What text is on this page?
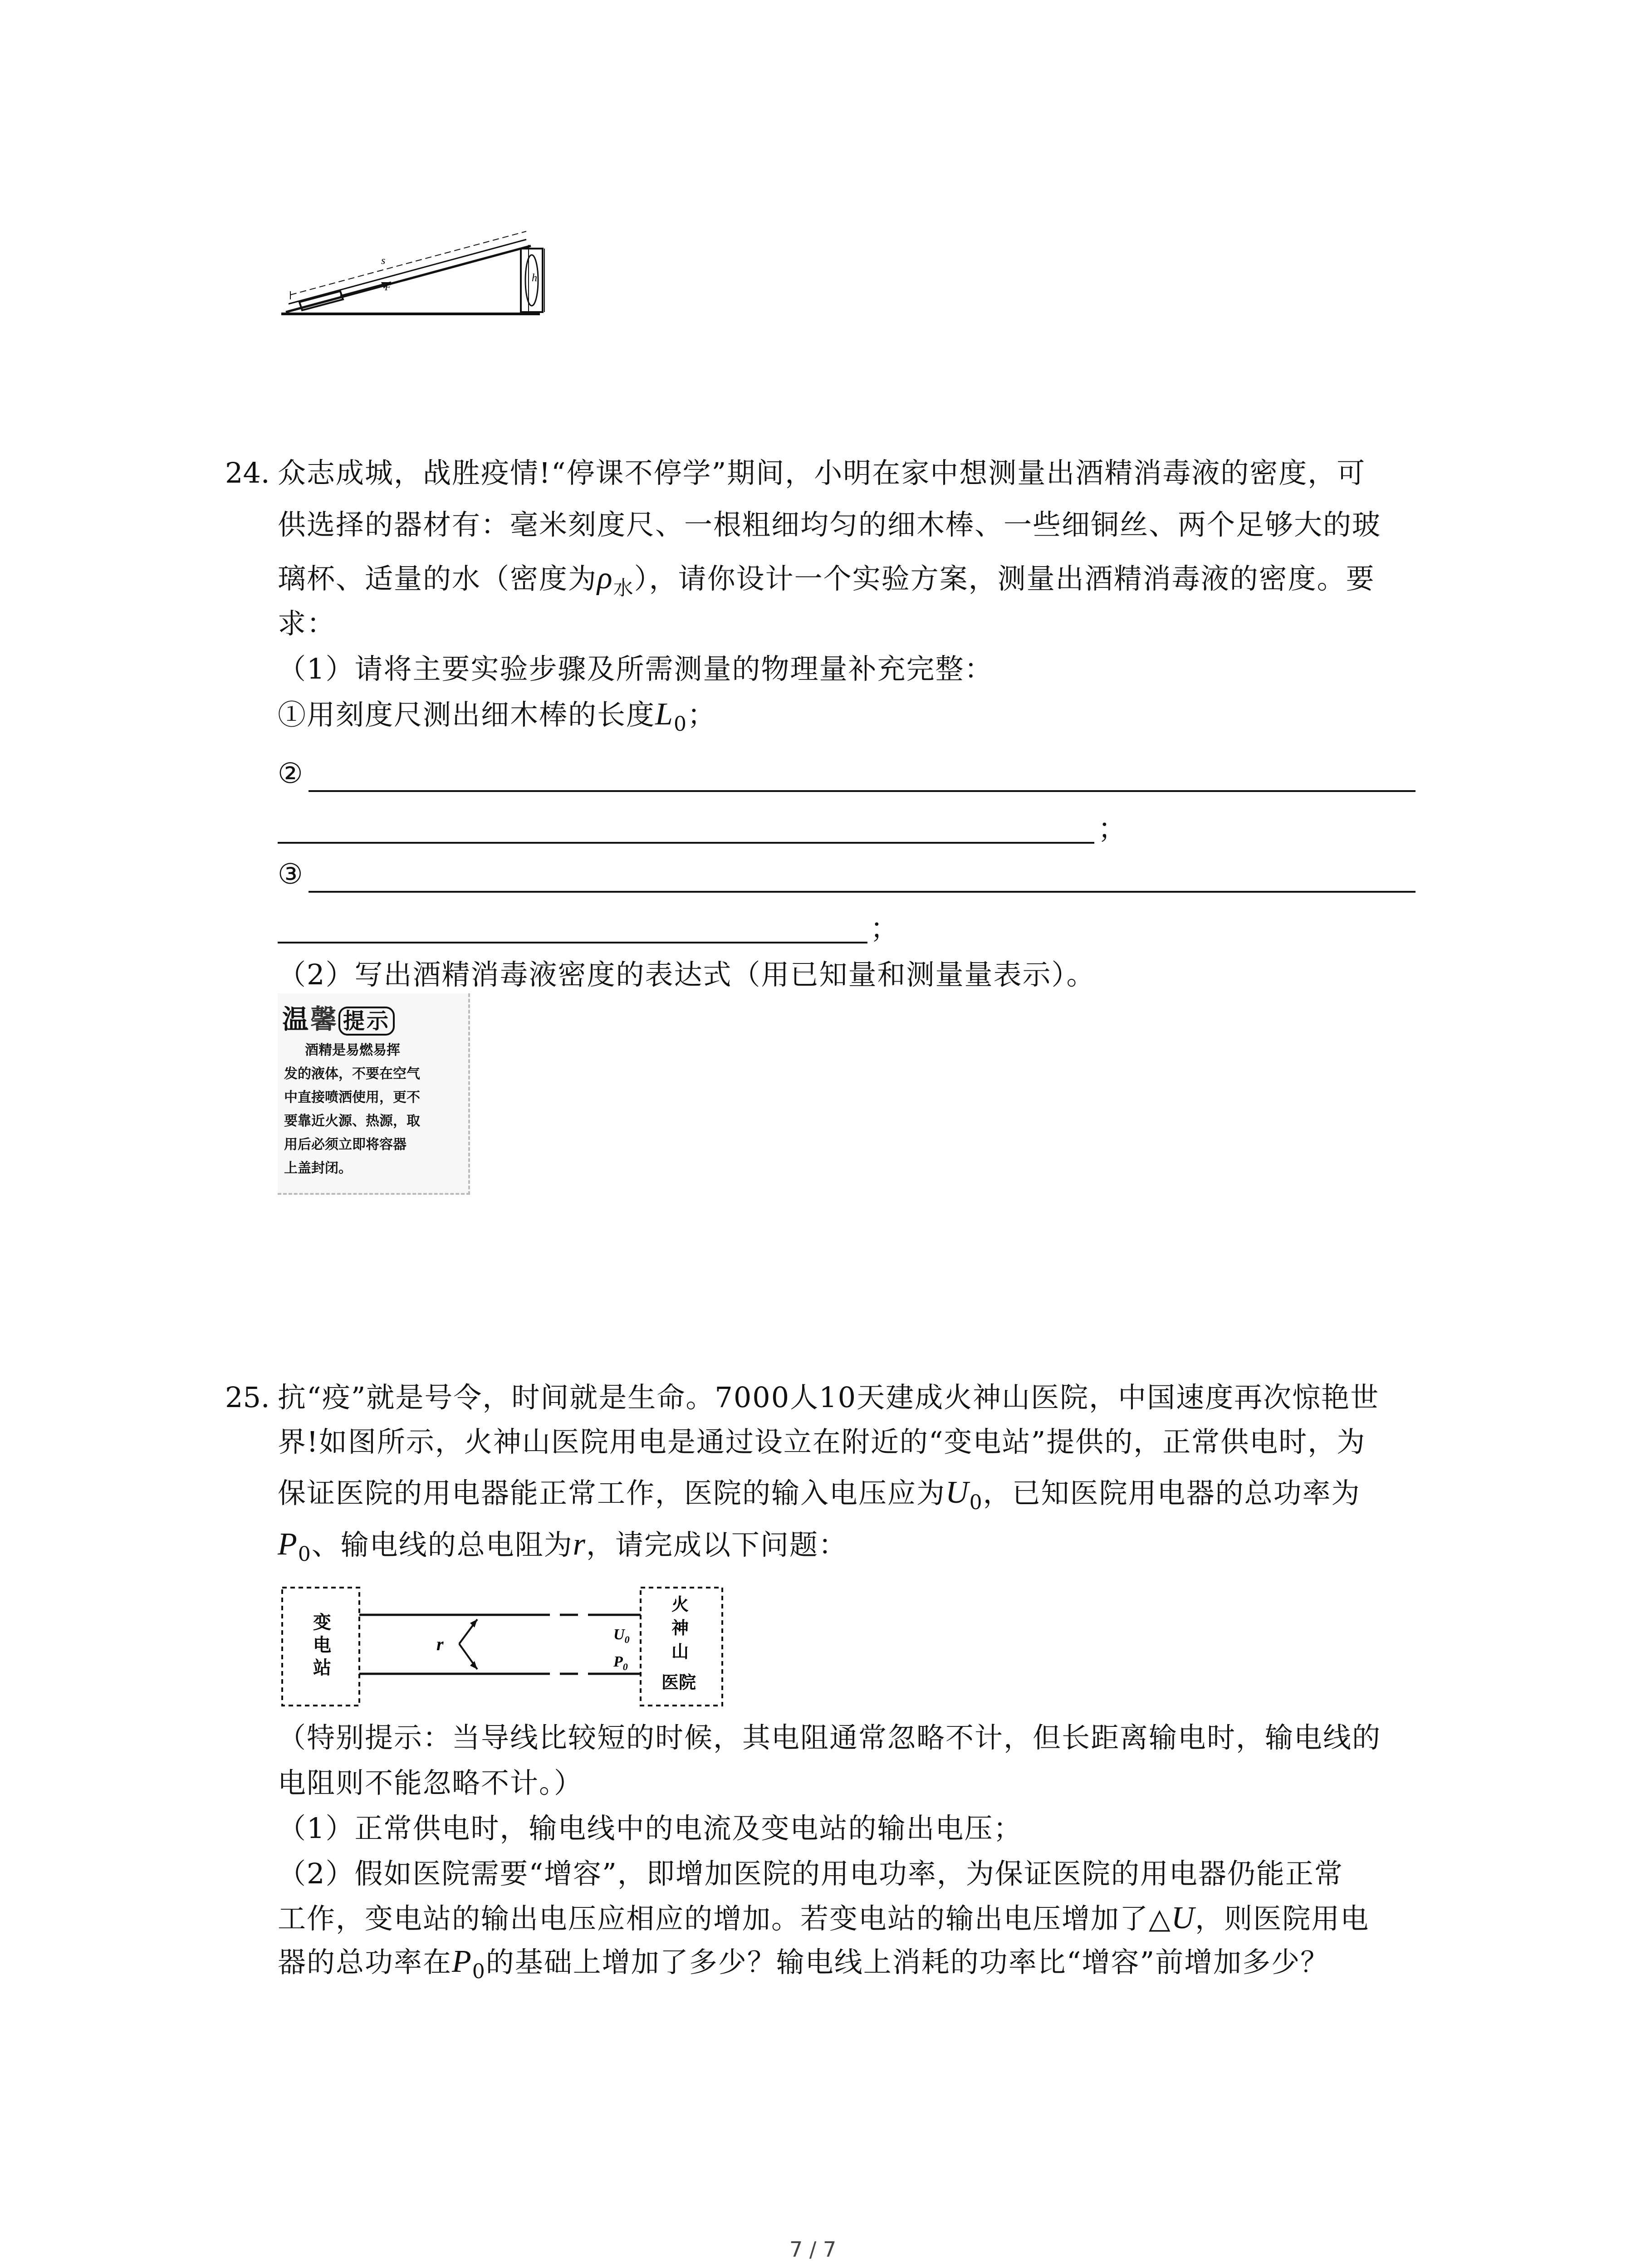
s
F
h
24. 众志成城，战胜疫情!“停课不停学”期间，小明在家中想测量出酒精消毒液的密度，可
供选择的器材有：毫米刻度尺、一根粗细均匀的细木棒、一些细铜丝、两个足够大的玻
璃杯、适量的水（密度为$\rho_水$），请你设计一个实验方案，测量出酒精消毒液的密度。要
求：
（1）请将主要实验步骤及所需测量的物理量补充完整：
①用刻度尺测出细木棒的长度$L_0$；
②
；
③
；
（2）写出酒精消毒液密度的表达式（用已知量和测量量表示）。
温馨 提示
酒精是易燃易挥
发的液体，不要在空气
中直接喷洒使用，更不
要靠近火源、热源，取
用后必须立即将容器
上盖封闭。
25. 抗“疫”就是号令，时间就是生命。7000人10天建成火神山医院，中国速度再次惊艳世
界!如图所示，火神山医院用电是通过设立在附近的“变电站”提供的，正常供电时，为
保证医院的用电器能正常工作，医院的输入电压应为$U_0$，已知医院用电器的总功率为
$P_0$、输电线的总电阻为r，请完成以下问题：
变
电
站
火
神
山
医院
r	$U_0$
$P_0$
（特别提示：当导线比较短的时候，其电阻通常忽略不计，但长距离输电时，输电线的
电阻则不能忽略不计。）
（1）正常供电时，输电线中的电流及变电站的输出电压；
（2）假如医院需要“增容”，即增加医院的用电功率，为保证医院的用电器仍能正常
工作，变电站的输出电压应相应的增加。若变电站的输出电压增加了△U，则医院用电
器的总功率在$P_0$的基础上增加了多少？输电线上消耗的功率比“增容”前增加多少？
7 / 7
